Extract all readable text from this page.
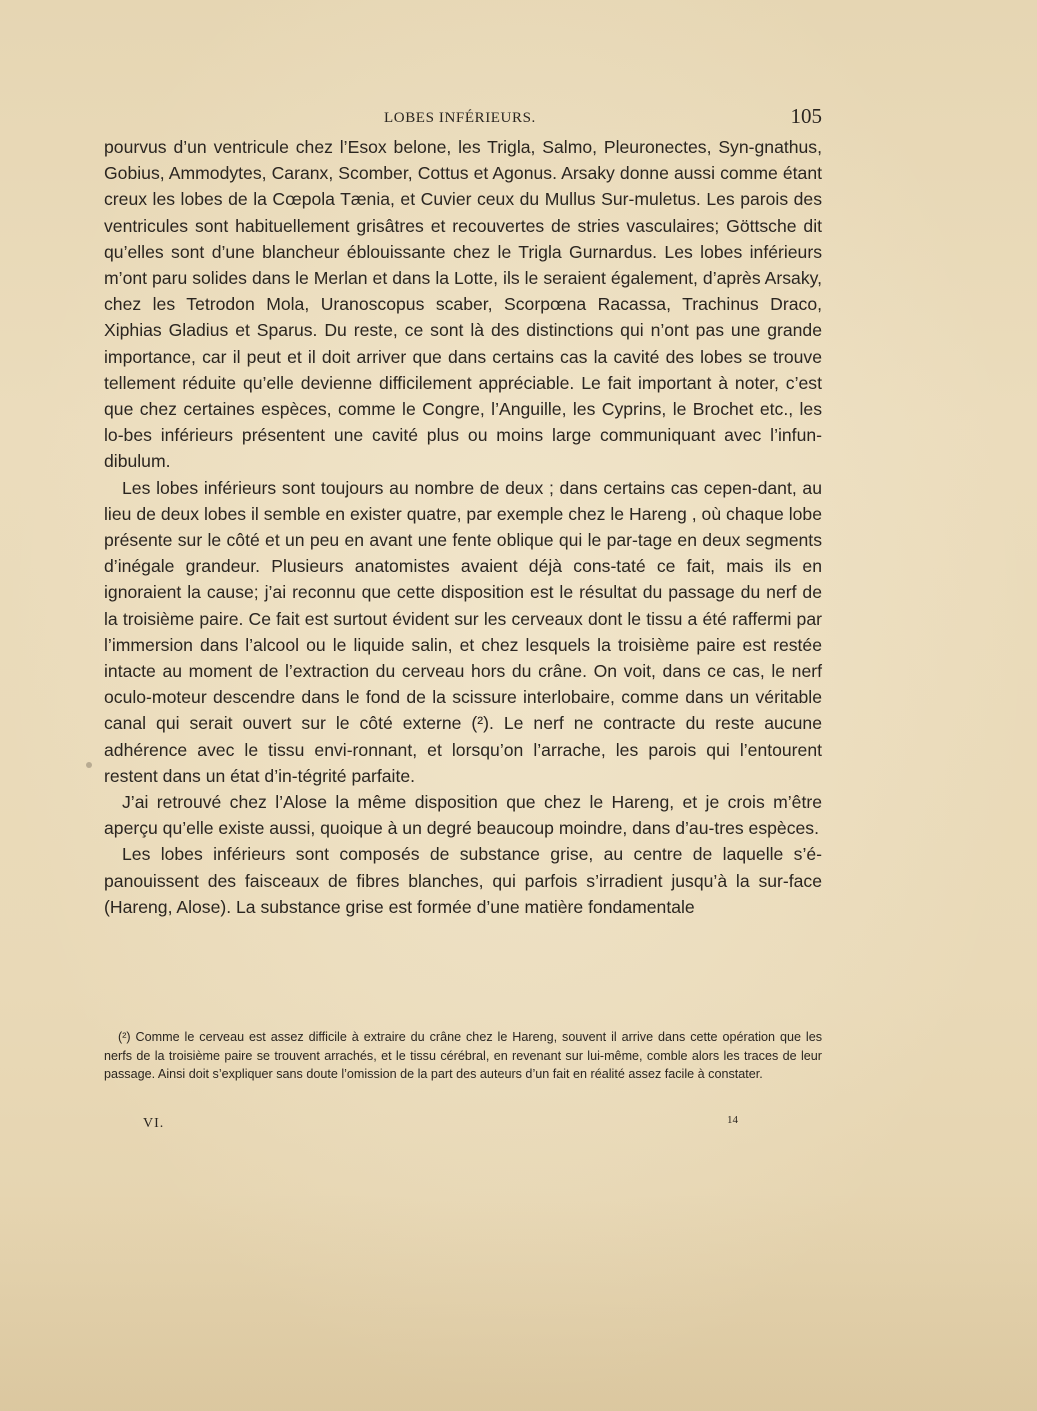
LOBES INFÉRIEURS.	105

pourvus d’un ventricule chez l’Esox belone, les Trigla, Salmo, Pleuronectes, Syn-gnathus, Gobius, Ammodytes, Caranx, Scomber, Cottus et Agonus. Arsaky donne aussi comme étant creux les lobes de la Cœpola Tænia, et Cuvier ceux du Mullus Sur-muletus. Les parois des ventricules sont habituellement grisâtres et recouvertes de stries vasculaires; Göttsche dit qu’elles sont d’une blancheur éblouissante chez le Trigla Gurnardus. Les lobes inférieurs m’ont paru solides dans le Merlan et dans la Lotte, ils le seraient également, d’après Arsaky, chez les Tetrodon Mola, Uranoscopus scaber, Scorpœna Racassa, Trachinus Draco, Xiphias Gladius et Sparus. Du reste, ce sont là des distinctions qui n’ont pas une grande importance, car il peut et il doit arriver que dans certains cas la cavité des lobes se trouve tellement réduite qu’elle devienne difficilement appréciable. Le fait important à noter, c’est que chez certaines espèces, comme le Congre, l’Anguille, les Cyprins, le Brochet etc., les lo-bes inférieurs présentent une cavité plus ou moins large communiquant avec l’infun-dibulum.

Les lobes inférieurs sont toujours au nombre de deux ; dans certains cas cepen-dant, au lieu de deux lobes il semble en exister quatre, par exemple chez le Hareng , où chaque lobe présente sur le côté et un peu en avant une fente oblique qui le par-tage en deux segments d’inégale grandeur. Plusieurs anatomistes avaient déjà cons-taté ce fait, mais ils en ignoraient la cause; j’ai reconnu que cette disposition est le résultat du passage du nerf de la troisième paire. Ce fait est surtout évident sur les cerveaux dont le tissu a été raffermi par l’immersion dans l’alcool ou le liquide salin, et chez lesquels la troisième paire est restée intacte au moment de l’extraction du cerveau hors du crâne. On voit, dans ce cas, le nerf oculo-moteur descendre dans le fond de la scissure interlobaire, comme dans un véritable canal qui serait ouvert sur le côté externe (²). Le nerf ne contracte du reste aucune adhérence avec le tissu envi-ronnant, et lorsqu’on l’arrache, les parois qui l’entourent restent dans un état d’in-tégrité parfaite.

J’ai retrouvé chez l’Alose la même disposition que chez le Hareng, et je crois m’être aperçu qu’elle existe aussi, quoique à un degré beaucoup moindre, dans d’au-tres espèces.

Les lobes inférieurs sont composés de substance grise, au centre de laquelle s’é-panouissent des faisceaux de fibres blanches, qui parfois s’irradient jusqu’à la sur-face (Hareng, Alose). La substance grise est formée d’une matière fondamentale

(²) Comme le cerveau est assez difficile à extraire du crâne chez le Hareng, souvent il arrive dans cette opération que les nerfs de la troisième paire se trouvent arrachés, et le tissu cérébral, en revenant sur lui-même, comble alors les traces de leur passage. Ainsi doit s’expliquer sans doute l’omission de la part des auteurs d’un fait en réalité assez facile à constater.

VI.	14
